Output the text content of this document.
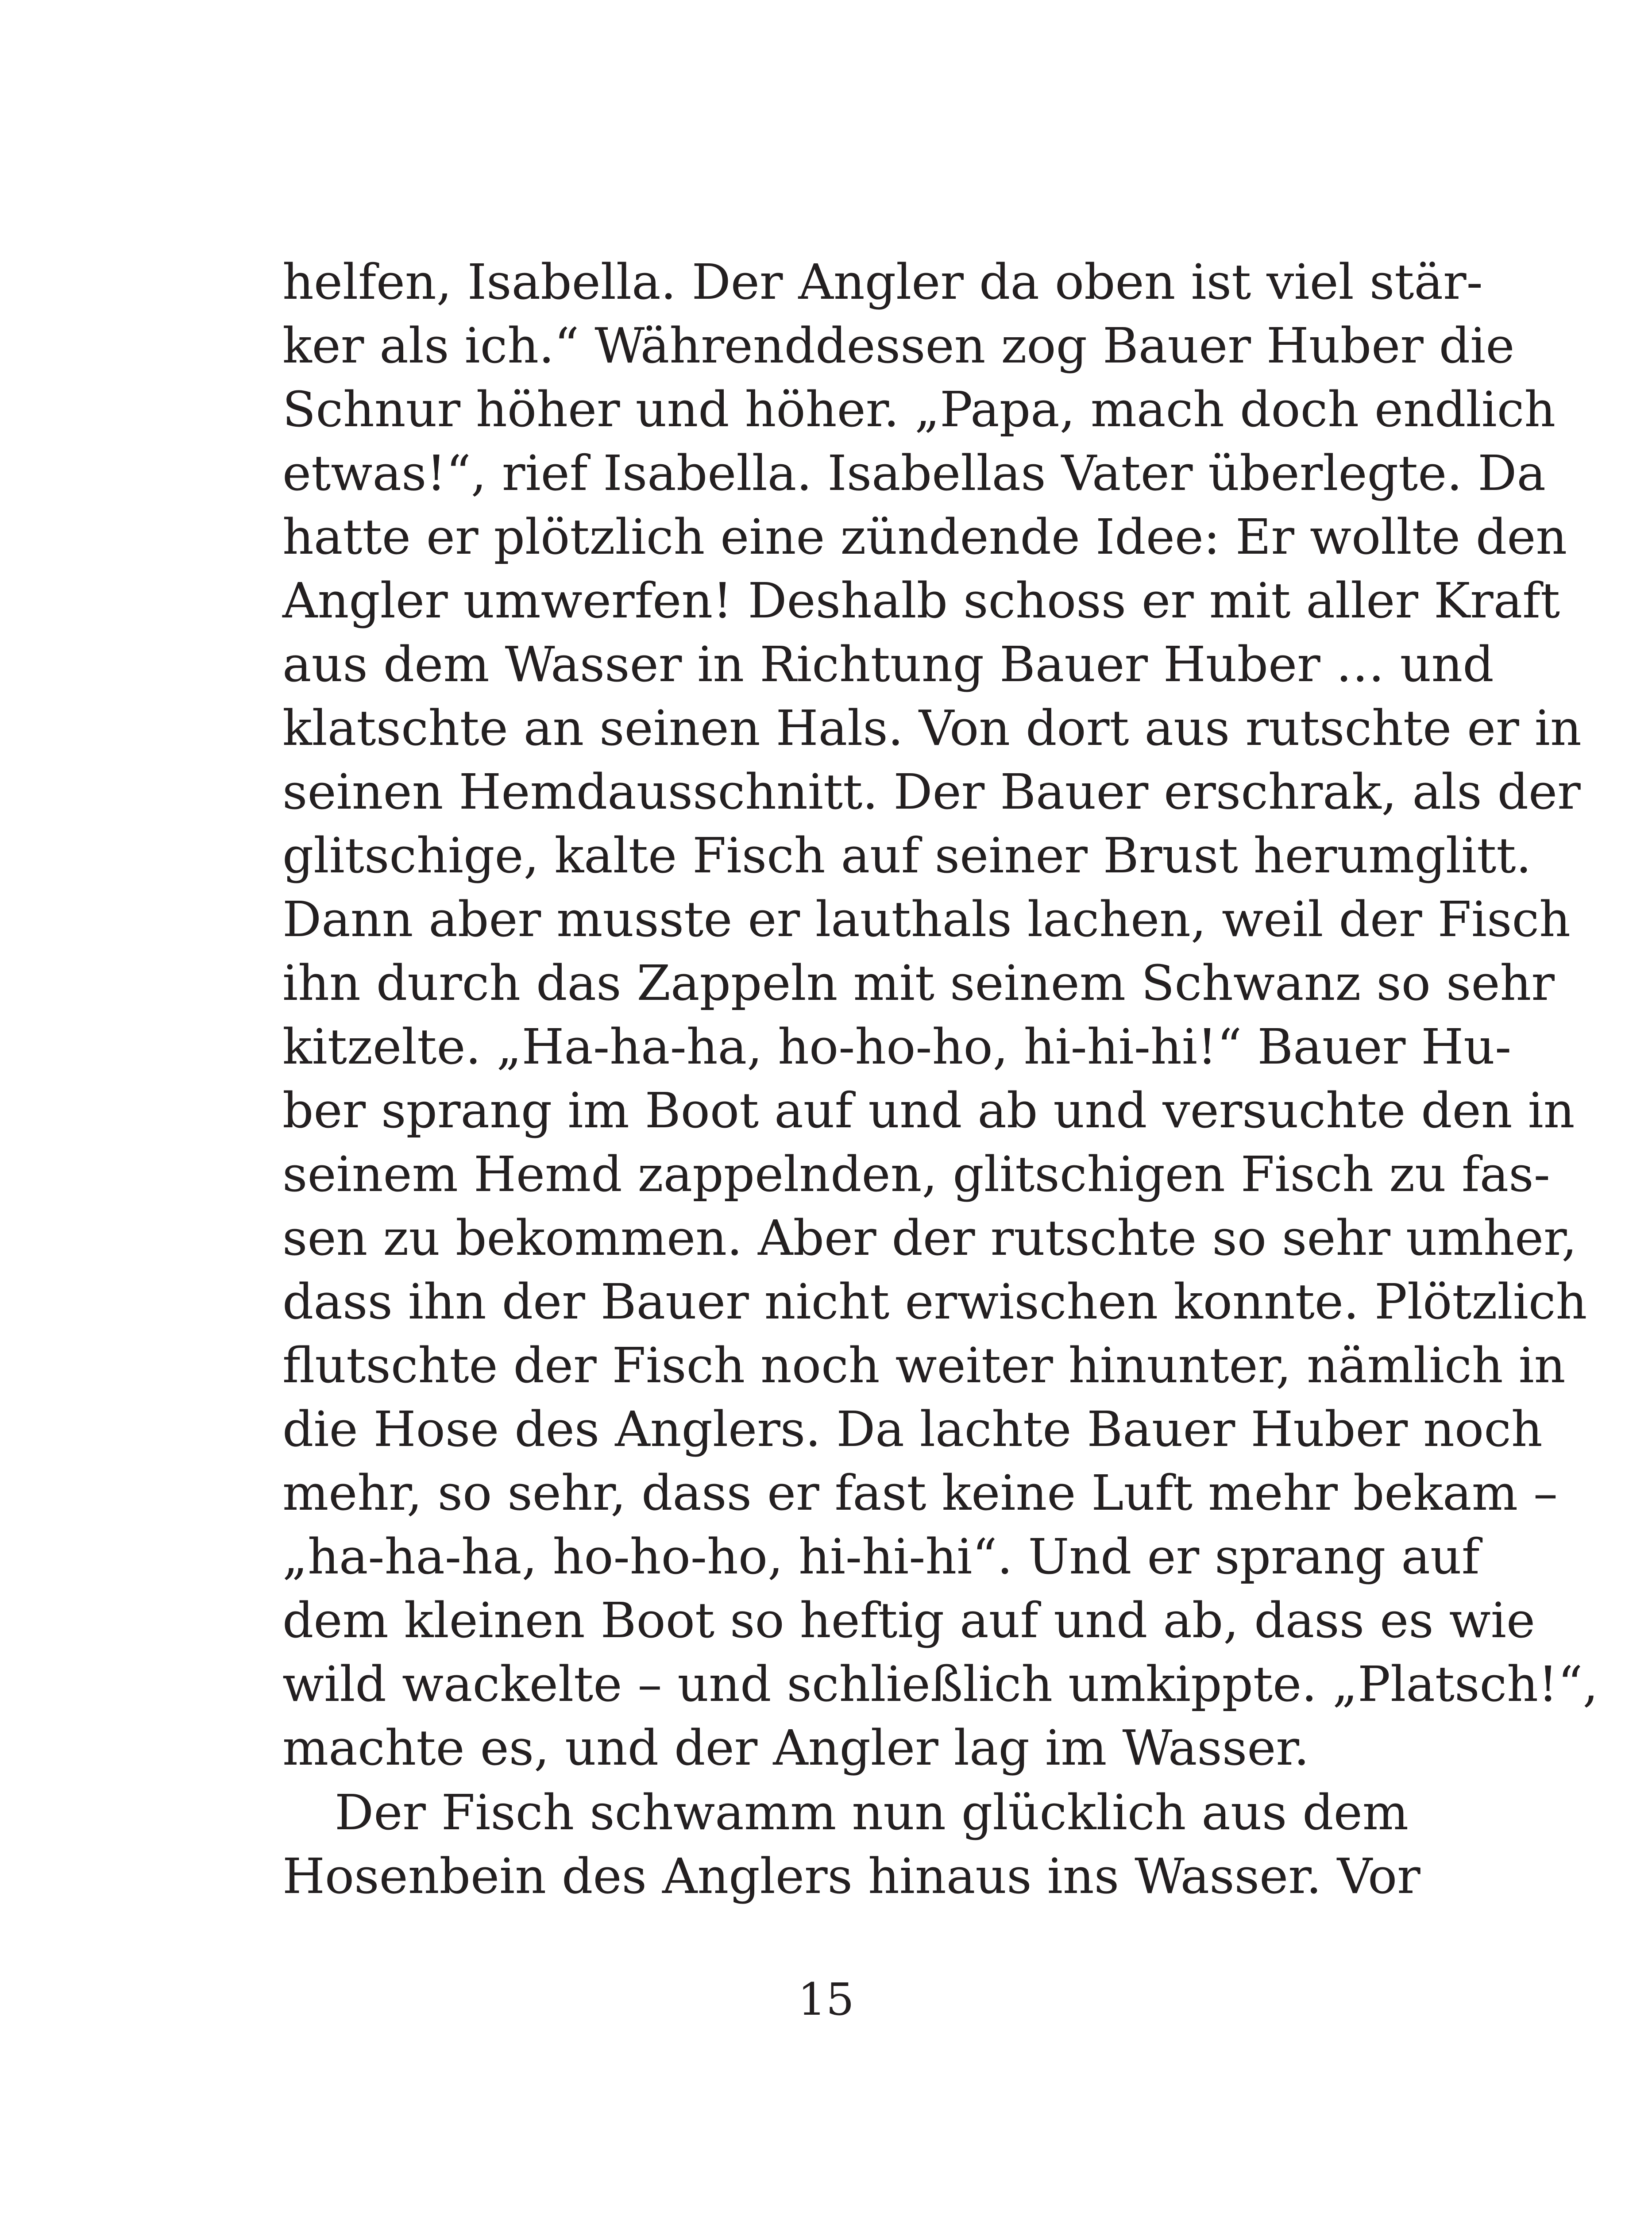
helfen, Isabella. Der Angler da oben ist viel stär-
ker als ich.“ Währenddessen zog Bauer Huber die
Schnur höher und höher. „Papa, mach doch endlich
etwas!“, rief Isabella. Isabellas Vater überlegte. Da
hatte er plötzlich eine zündende Idee: Er wollte den
Angler umwerfen! Deshalb schoss er mit aller Kraft
aus dem Wasser in Richtung Bauer Huber … und
klatschte an seinen Hals. Von dort aus rutschte er in
seinen Hemdausschnitt. Der Bauer erschrak, als der
glitschige, kalte Fisch auf seiner Brust herumglitt.
Dann aber musste er lauthals lachen, weil der Fisch
ihn durch das Zappeln mit seinem Schwanz so sehr
kitzelte. „Ha-ha-ha, ho-ho-ho, hi-hi-hi!“ Bauer Hu-
ber sprang im Boot auf und ab und versuchte den in
seinem Hemd zappelnden, glitschigen Fisch zu fas-
sen zu bekommen. Aber der rutschte so sehr umher,
dass ihn der Bauer nicht erwischen konnte. Plötzlich
flutschte der Fisch noch weiter hinunter, nämlich in
die Hose des Anglers. Da lachte Bauer Huber noch
mehr, so sehr, dass er fast keine Luft mehr bekam –
„ha-ha-ha, ho-ho-ho, hi-hi-hi“. Und er sprang auf
dem kleinen Boot so heftig auf und ab, dass es wie
wild wackelte – und schließlich umkippte. „Platsch!“,
machte es, und der Angler lag im Wasser.
Der Fisch schwamm nun glücklich aus dem
Hosenbein des Anglers hinaus ins Wasser. Vor
15
